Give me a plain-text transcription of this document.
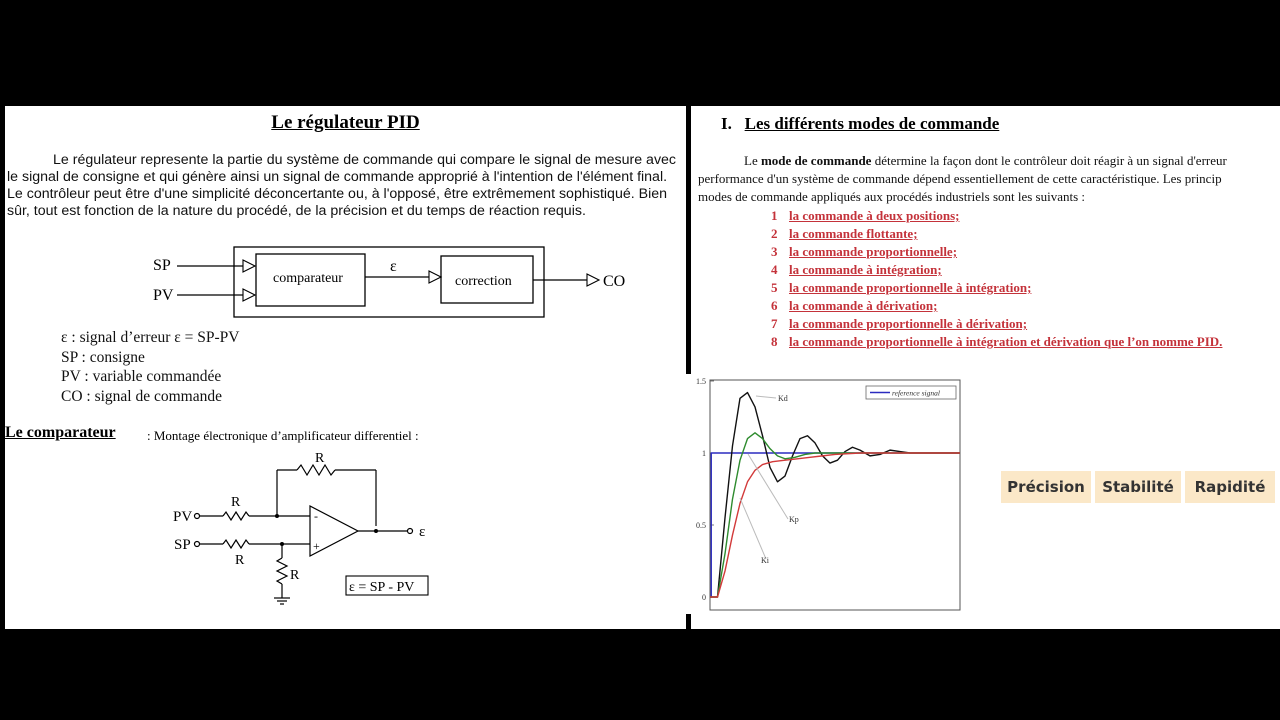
Le régulateur PID

Le régulateur represente la partie du système de commande qui compare le signal de mesure avec le signal de consigne et qui génère ainsi un signal de commande approprié à l'intention de l'élément final. Le contrôleur peut être d'une simplicité déconcertante ou, à l'opposé, être extrêmement sophistiqué. Bien sûr, tout est fonction de la nature du procédé, de la précision et du temps de réaction requis.

SP
PV
comparateur
ε
correction	CO
ε : signal d’erreur ε = SP-PV
SP : consigne
PV : variable commandée
CO : signal de commande
Le comparateur : Montage électronique d’amplificateur differentiel :
R
R
R
R
PV
SP
-
+
ε
ε = SP - PV
I. Les différents modes de commande
Le mode de commande détermine la façon dont le contrôleur doit réagir à un signal d'erreur
performance d'un système de commande dépend essentiellement de cette caractéristique. Les princip
modes de commande appliqués aux procédés industriels sont les suivants :
1 la commande à deux positions;
2 la commande flottante;
3 la commande proportionnelle;
4 la commande à intégration;
5 la commande proportionnelle à intégration;
6 la commande à dérivation;
7 la commande proportionnelle à dérivation;
8 la commande proportionnelle à intégration et dérivation que l’on nomme PID.
0
0.5
1
1.5
reference signal
Kd
Kp
Ki
Précision	Stabilité	Rapidité
